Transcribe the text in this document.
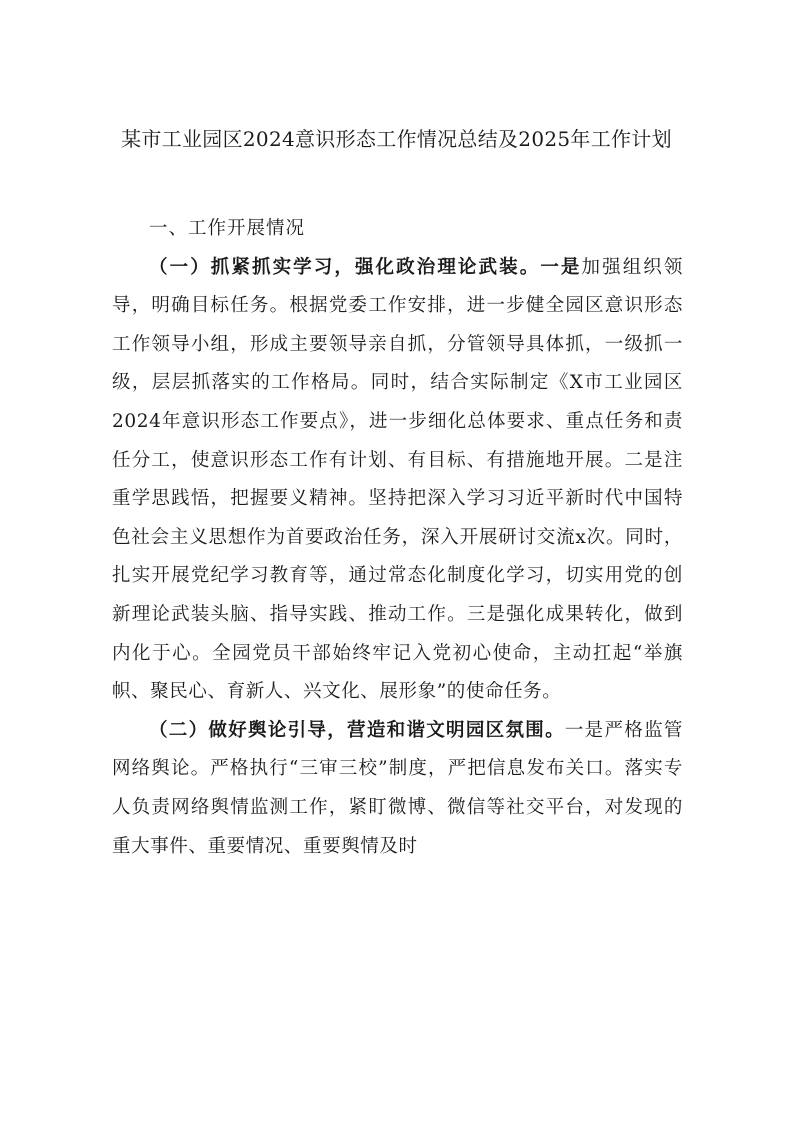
某市工业园区2024意识形态工作情况总结及2025年工作计划

一、工作开展情况

（一）抓紧抓实学习，强化政治理论武装。一是加强组织领导，明确目标任务。根据党委工作安排，进一步健全园区意识形态工作领导小组，形成主要领导亲自抓，分管领导具体抓，一级抓一级，层层抓落实的工作格局。同时，结合实际制定《X市工业园区2024年意识形态工作要点》，进一步细化总体要求、重点任务和责任分工，使意识形态工作有计划、有目标、有措施地开展。二是注重学思践悟，把握要义精神。坚持把深入学习习近平新时代中国特色社会主义思想作为首要政治任务，深入开展研讨交流x次。同时，扎实开展党纪学习教育等，通过常态化制度化学习，切实用党的创新理论武装头脑、指导实践、推动工作。三是强化成果转化，做到内化于心。全园党员干部始终牢记入党初心使命，主动扛起“举旗帜、聚民心、育新人、兴文化、展形象”的使命任务。

（二）做好舆论引导，营造和谐文明园区氛围。一是严格监管网络舆论。严格执行“三审三校”制度，严把信息发布关口。落实专人负责网络舆情监测工作，紧盯微博、微信等社交平台，对发现的重大事件、重要情况、重要舆情及时
